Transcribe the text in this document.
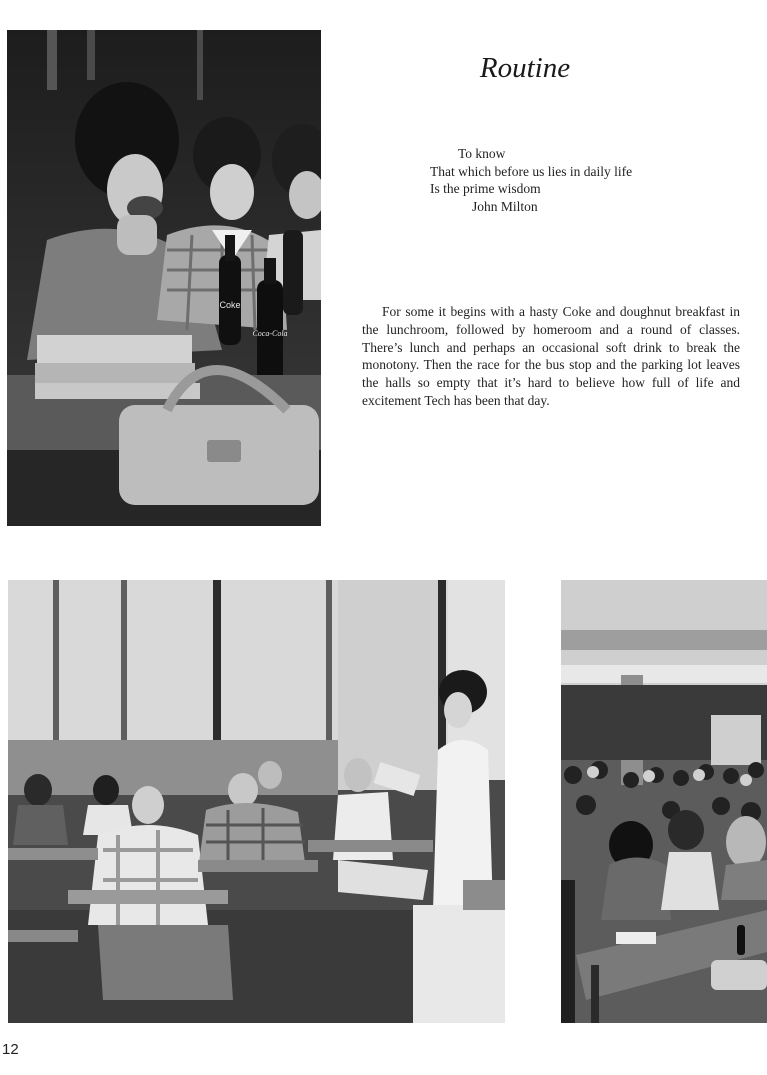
Coke
Coca-Cola
Routine
To know
That which before us lies in daily life
Is the prime wisdom
John Milton
For some it begins with a hasty Coke and doughnut breakfast in the lunchroom, followed by homeroom and a round of classes. There’s lunch and perhaps an occasional soft drink to break the monotony. Then the race for the bus stop and the parking lot leaves the halls so empty that it’s hard to believe how full of life and excitement Tech has been that day.
12
